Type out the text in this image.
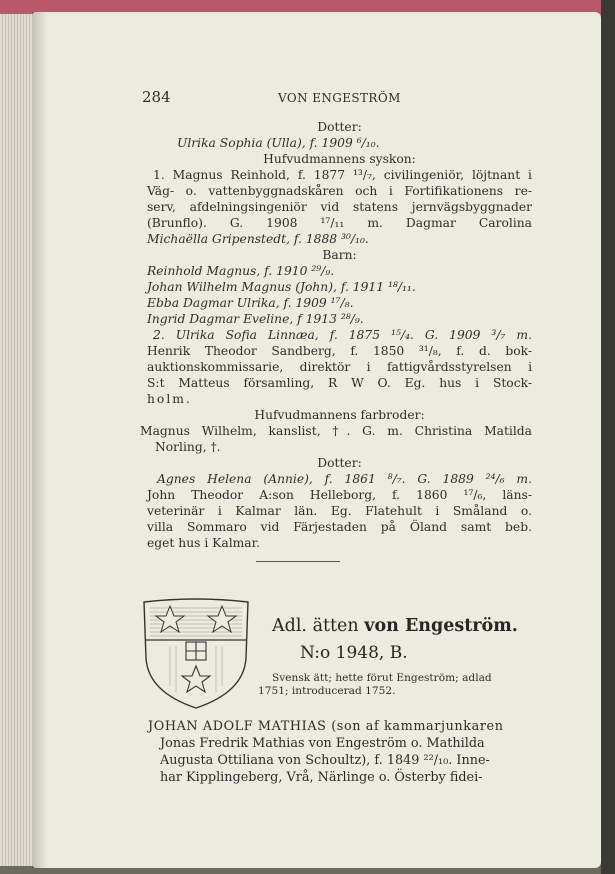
284	VON ENGESTRÖM
Dotter:
Ulrika Sophia (Ulla), f. 1909 ⁶/₁₀.
Hufvudmannens syskon:
1. Magnus Reinhold, f. 1877 ¹³/₇, civilingeniör, löjtnant i
Väg- o. vattenbyggnadskåren och i Fortifikationens re-
serv, afdelningsingeniör vid statens jernvägsbyggnader
(Brunflo). G. 1908 ¹⁷/₁₁ m. Dagmar Carolina
Michaëlla Gripenstedt, f. 1888 ³⁰/₁₀.
Barn:
Reinhold Magnus, f. 1910 ²⁹/₉.
Johan Wilhelm Magnus (John), f. 1911 ¹⁸/₁₁.
Ebba Dagmar Ulrika, f. 1909 ¹⁷/₈.
Ingrid Dagmar Eveline, f 1913 ²⁸/₉.
2. Ulrika Sofia Linnæa, f. 1875 ¹⁵/₄. G. 1909 ³/₇ m.
Henrik Theodor Sandberg, f. 1850 ³¹/₈, f. d. bok-
auktionskommissarie, direktör i fattigvårdsstyrelsen i
S:t Matteus församling, R W O. Eg. hus i Stock-
holm.
Hufvudmannens farbroder:
Magnus Wilhelm, kanslist, †. G. m. Christina Matilda
Norling, †.
Dotter:
Agnes Helena (Annie), f. 1861 ⁸/₇. G. 1889 ²⁴/₆ m.
John Theodor A:son Helleborg, f. 1860 ¹⁷/₆, läns-
veterinär i Kalmar län. Eg. Flatehult i Småland o.
villa Sommaro vid Färjestaden på Öland samt beb.
eget hus i Kalmar.
Adl. ätten von Engeström.
N:o 1948, B.
Svensk ätt; hette förut Engeström; adlad
1751; introducerad 1752.
JOHAN ADOLF MATHIAS (son af kammarjunkaren
Jonas Fredrik Mathias von Engeström o. Mathilda
Augusta Ottiliana von Schoultz), f. 1849 ²²/₁₀. Inne-
har Kipplingeberg, Vrå, Närlinge o. Österby fidei-
